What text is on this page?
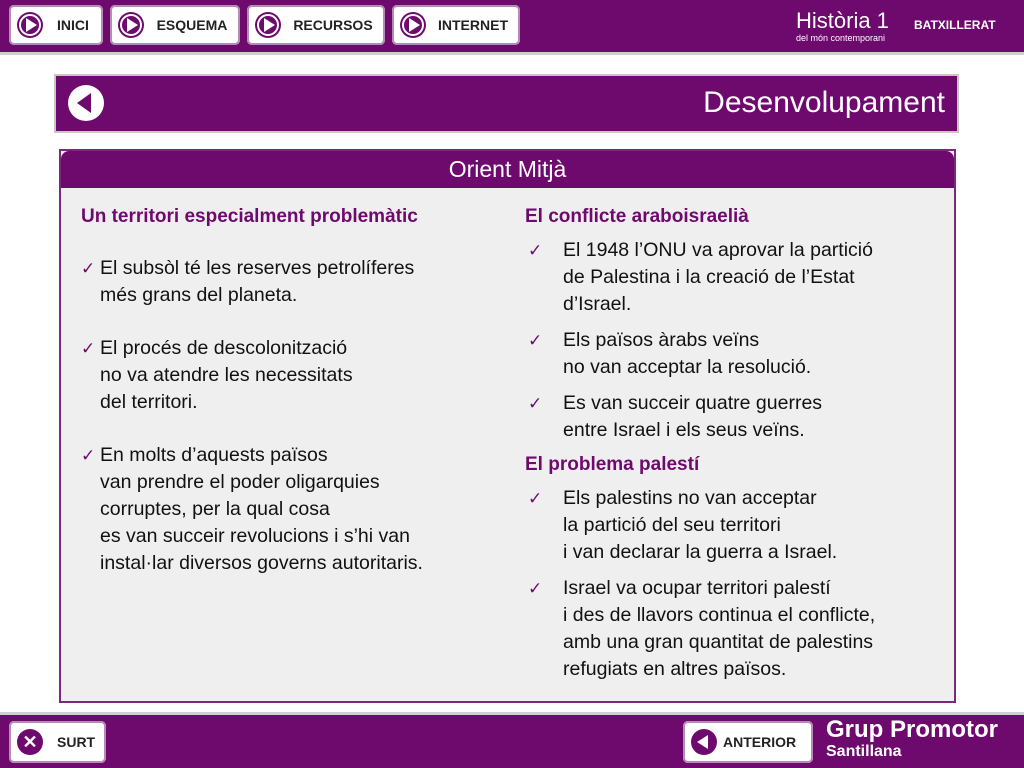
INICI	ESQUEMA	RECURSOS	INTERNET	Història 1 BATXILLERAT
del món contemporani
Desenvolupament
Orient Mitjà
Un territori especialment problemàtic
✓ El subsòl té les reserves petrolíferes
més grans del planeta.
✓ El procés de descolonització
no va atendre les necessitats
del territori.
✓ En molts d’aquests països
van prendre el poder oligarquies
corruptes, per la qual cosa
es van succeir revolucions i s’hi van
instal·lar diversos governs autoritaris.
El conflicte araboisraelià
✓ El 1948 l’ONU va aprovar la partició
de Palestina i la creació de l’Estat
d’Israel.
✓ Els països àrabs veïns
no van acceptar la resolució.
✓ Es van succeir quatre guerres
entre Israel i els seus veïns.
El problema palestí
✓ Els palestins no van acceptar
la partició del seu territori
i van declarar la guerra a Israel.
✓ Israel va ocupar territori palestí
i des de llavors continua el conflicte,
amb una gran quantitat de palestins
refugiats en altres països.
✕	SURT	ANTERIOR Grup Promotor
Santillana
